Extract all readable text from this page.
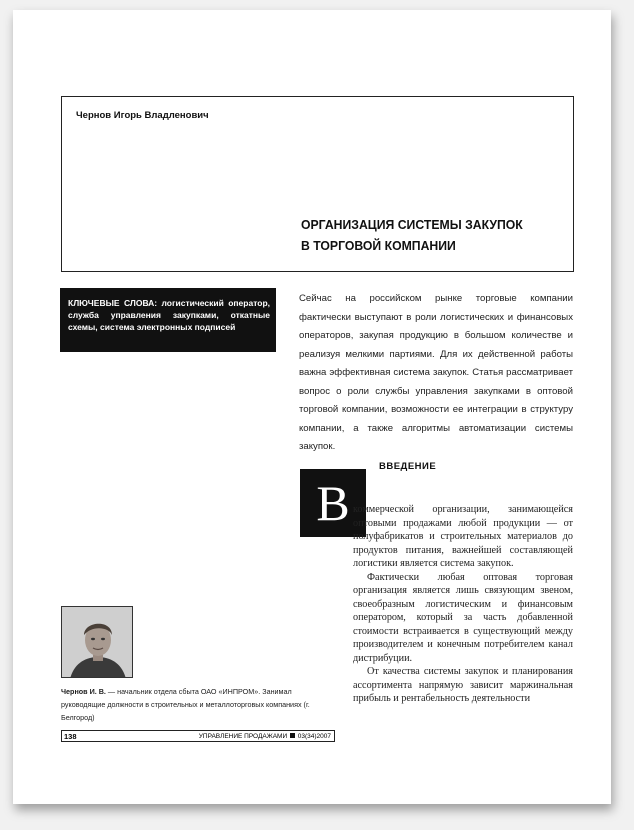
Чернов Игорь Владленович
ОРГАНИЗАЦИЯ СИСТЕМЫ ЗАКУПОК
В ТОРГОВОЙ КОМПАНИИ
КЛЮЧЕВЫЕ СЛОВА: логистический оператор, служба управления закупками, откатные схемы, система электронных подписей

Сейчас на российском рынке торговые компании фактически выступают в роли логистических и финансовых операторов, закупая продукцию в большом количестве и реализуя мелкими партиями. Для их действенной работы важна эффективная система закупок. Статья рассматривает вопрос о роли службы управления закупками в оптовой торговой компании, возможности ее интеграции в структуру компании, а также алгоритмы автоматизации системы закупок.

В
ВВЕДЕНИЕ

коммерческой организации, занимающейся оптовыми продажами любой продукции — от полуфабрикатов и строительных материалов до продуктов питания, важнейшей составляющей логистики является система закупок.

Фактически любая оптовая торговая организация является лишь связующим звеном, своеобразным логистическим и финансовым оператором, который за часть добавленной стоимости встраивается в существующий между производителем и конечным потребителем канал дистрибуции.

От качества системы закупок и планирования ассортимента напрямую зависит маржинальная прибыль и рентабельность деятельности

Чернов И. В. — начальник отдела сбыта ОАО «ИНПРОМ». Занимал руководящие должности в строительных и металлоторговых компаниях (г. Белгород)
138	УПРАВЛЕНИЕ ПРОДАЖАМИ 03(34)2007
